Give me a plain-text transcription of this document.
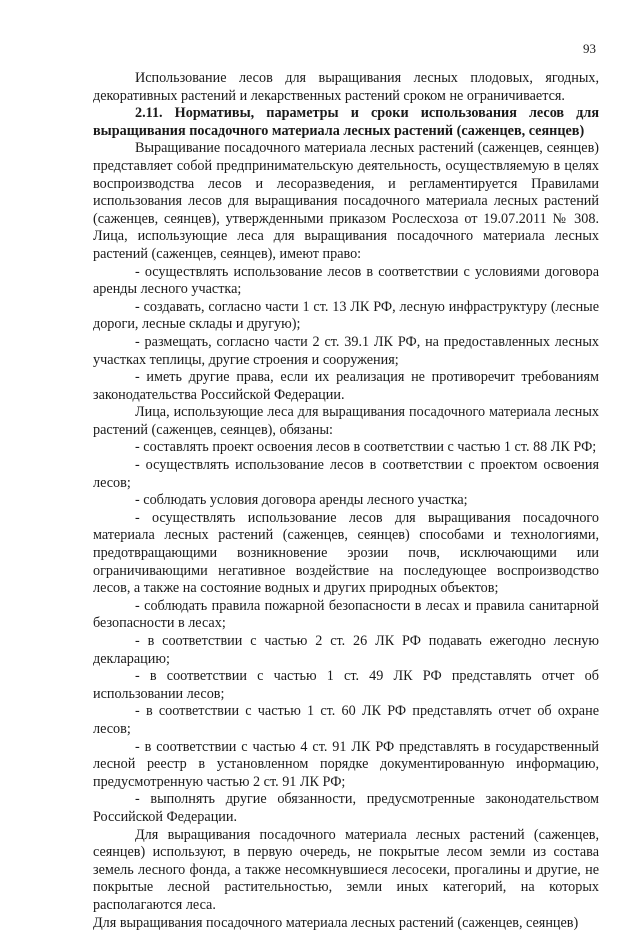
93

Использование лесов для выращивания лесных плодовых, ягодных, декоративных растений и лекарственных растений сроком не ограничивается.

2.11. Нормативы, параметры и сроки использования лесов для выращивания посадочного материала лесных растений (саженцев, сеянцев)

Выращивание посадочного материала лесных растений (саженцев, сеянцев) представляет собой предпринимательскую деятельность, осуществляемую в целях воспроизводства лесов и лесоразведения, и регламентируется Правилами использования лесов для выращивания посадочного материала лесных растений (саженцев, сеянцев), утвержденными приказом Рослесхоза от 19.07.2011 № 308. Лица, использующие леса для выращивания посадочного материала лесных растений (саженцев, сеянцев), имеют право:

- осуществлять использование лесов в соответствии с условиями договора аренды лесного участка;

- создавать, согласно части 1 ст. 13 ЛК РФ, лесную инфраструктуру (лесные дороги, лесные склады и другую);

- размещать, согласно части 2 ст. 39.1 ЛК РФ, на предоставленных лесных участках теплицы, другие строения и сооружения;

- иметь другие права, если их реализация не противоречит требованиям законодательства Российской Федерации.

Лица, использующие леса для выращивания посадочного материала лесных растений (саженцев, сеянцев), обязаны:

- составлять проект освоения лесов в соответствии с частью 1 ст. 88 ЛК РФ;

- осуществлять использование лесов в соответствии с проектом освоения лесов;

- соблюдать условия договора аренды лесного участка;

- осуществлять использование лесов для выращивания посадочного материала лесных растений (саженцев, сеянцев) способами и технологиями, предотвращающими возникновение эрозии почв, исключающими или ограничивающими негативное воздействие на последующее воспроизводство лесов, а также на состояние водных и других природных объектов;

- соблюдать правила пожарной безопасности в лесах и правила санитарной безопасности в лесах;

- в соответствии с частью 2 ст. 26 ЛК РФ подавать ежегодно лесную декларацию;

- в соответствии с частью 1 ст. 49 ЛК РФ представлять отчет об использовании лесов;

- в соответствии с частью 1 ст. 60 ЛК РФ представлять отчет об охране лесов;

- в соответствии с частью 4 ст. 91 ЛК РФ представлять в государственный лесной реестр в установленном порядке документированную информацию, предусмотренную частью 2 ст. 91 ЛК РФ;

- выполнять другие обязанности, предусмотренные законодательством Российской Федерации.

Для выращивания посадочного материала лесных растений (саженцев, сеянцев) используют, в первую очередь, не покрытые лесом земли из состава земель лесного фонда, а также несомкнувшиеся лесосеки, прогалины и другие, не покрытые лесной растительностью, земли иных категорий, на которых располагаются леса.

Для выращивания посадочного материала лесных растений (саженцев, сеянцев)
